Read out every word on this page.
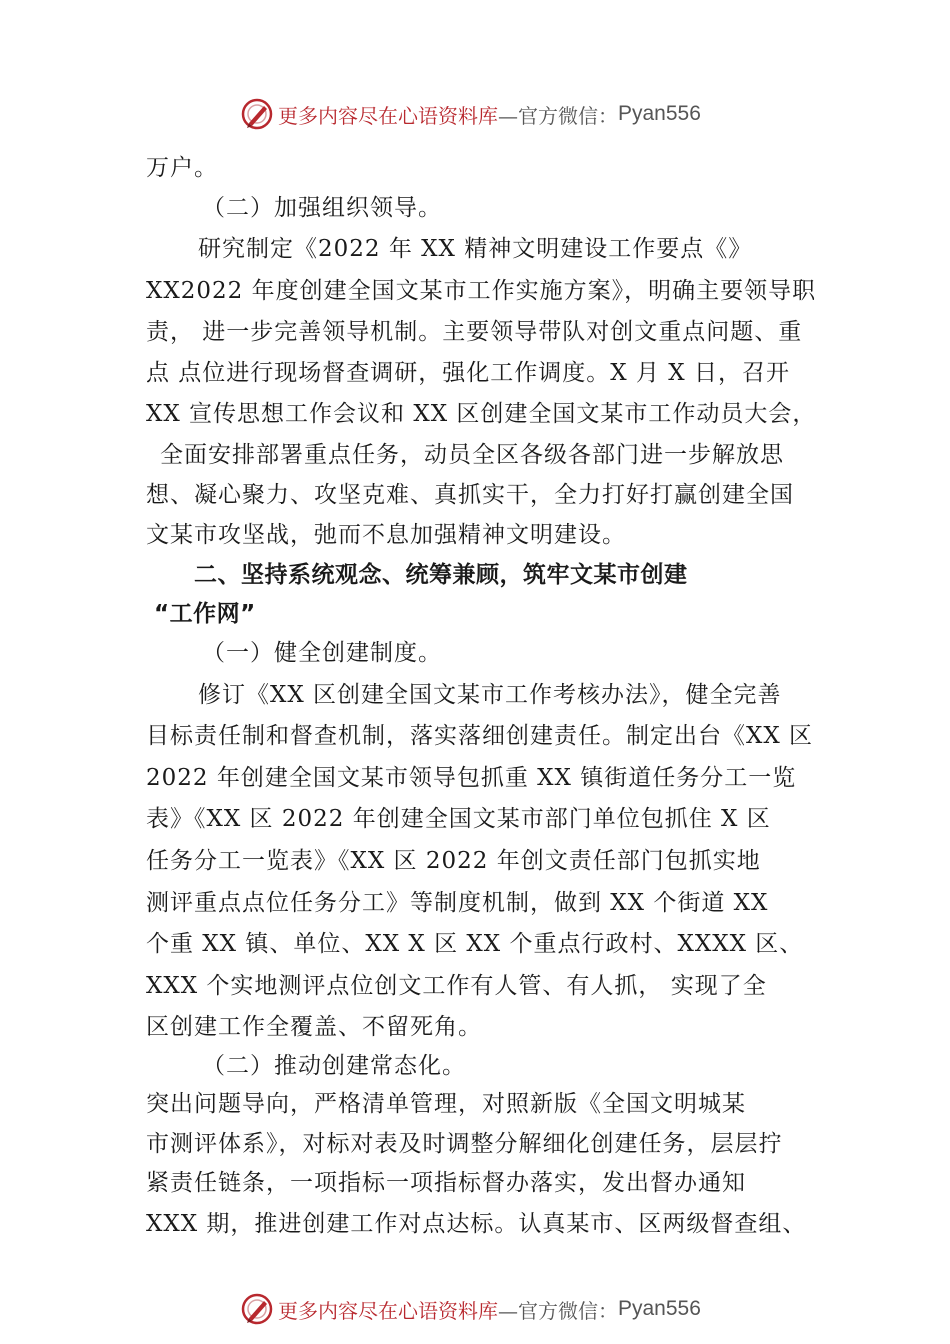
更多内容尽在心语资料库 —官方微信： Pyan556
万户。
（二）加强组织领导。
研究制定《2022 年 XX 精神文明建设工作要点《》
XX2022 年度创建全国文某市工作实施方案》，明确主要领导职
责， 进一步完善领导机制。主要领导带队对创文重点问题、重
点 点位进行现场督查调研，强化工作调度。X 月 X 日，召开
XX 宣传思想工作会议和 XX 区创建全国文某市工作动员大会，
全面安排部署重点任务，动员全区各级各部门进一步解放思
想、凝心聚力、攻坚克难、真抓实干，全力打好打赢创建全国
文某市攻坚战，弛而不息加强精神文明建设。
二、坚持系统观念、统筹兼顾，筑牢文某市创建
“工作网”
（一）健全创建制度。
修订《XX 区创建全国文某市工作考核办法》，健全完善
目标责任制和督查机制，落实落细创建责任。制定出台《XX 区
2022 年创建全国文某市领导包抓重 XX 镇街道任务分工一览
表》《XX 区 2022 年创建全国文某市部门单位包抓住 X 区
任务分工一览表》《XX 区 2022 年创文责任部门包抓实地
测评重点点位任务分工》等制度机制，做到 XX 个街道 XX
个重 XX 镇、单位、XX X 区 XX 个重点行政村、XXXX 区、
XXX 个实地测评点位创文工作有人管、有人抓， 实现了全
区创建工作全覆盖、不留死角。
（二）推动创建常态化。
突出问题导向，严格清单管理，对照新版《全国文明城某
市测评体系》，对标对表及时调整分解细化创建任务，层层拧
紧责任链条，一项指标一项指标督办落实，发出督办通知
XXX 期，推进创建工作对点达标。认真某市、区两级督查组、
更多内容尽在心语资料库 —官方微信： Pyan556
